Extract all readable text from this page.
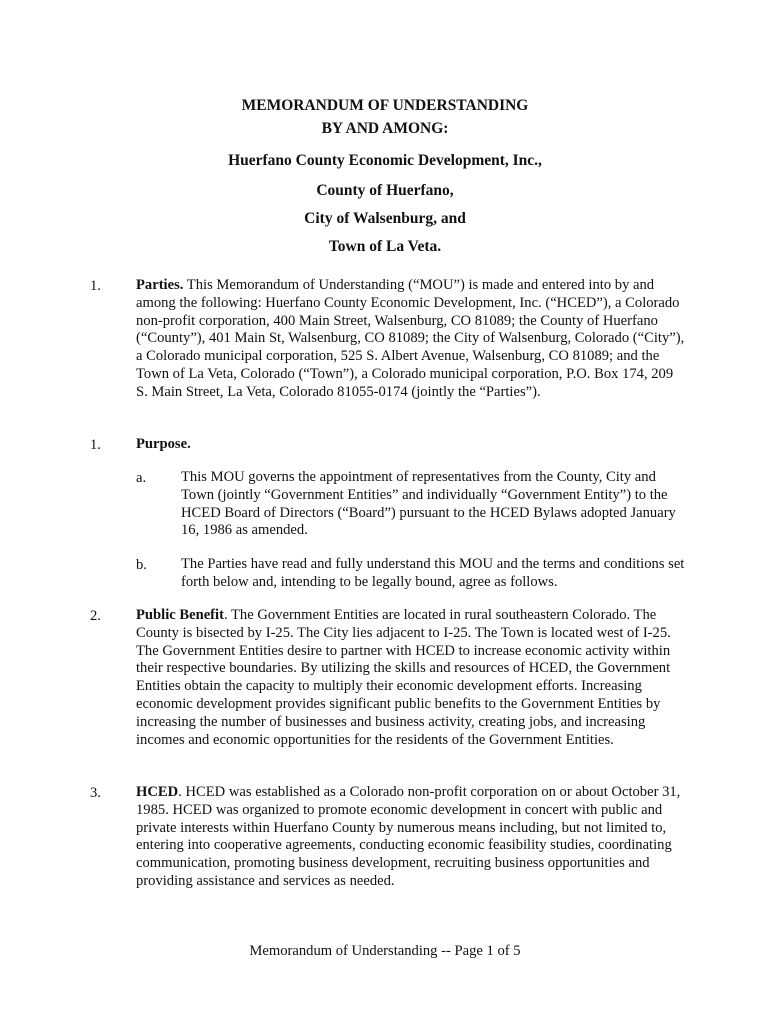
MEMORANDUM OF UNDERSTANDING
BY AND AMONG:
Huerfano County Economic Development, Inc.,
County of Huerfano,
City of Walsenburg, and
Town of La Veta.
1. Parties. This Memorandum of Understanding (“MOU”) is made and entered into by and among the following: Huerfano County Economic Development, Inc. (“HCED”), a Colorado non-profit corporation, 400 Main Street, Walsenburg, CO 81089; the County of Huerfano (“County”), 401 Main St, Walsenburg, CO 81089; the City of Walsenburg, Colorado (“City”), a Colorado municipal corporation, 525 S. Albert Avenue, Walsenburg, CO 81089; and the Town of La Veta, Colorado (“Town”), a Colorado municipal corporation, P.O. Box 174, 209 S. Main Street, La Veta, Colorado 81055-0174 (jointly the “Parties”).
1. Purpose.
a. This MOU governs the appointment of representatives from the County, City and Town (jointly “Government Entities” and individually “Government Entity”) to the HCED Board of Directors (“Board”) pursuant to the HCED Bylaws adopted January 16, 1986 as amended.
b. The Parties have read and fully understand this MOU and the terms and conditions set forth below and, intending to be legally bound, agree as follows.
2. Public Benefit. The Government Entities are located in rural southeastern Colorado. The County is bisected by I-25. The City lies adjacent to I-25. The Town is located west of I-25. The Government Entities desire to partner with HCED to increase economic activity within their respective boundaries. By utilizing the skills and resources of HCED, the Government Entities obtain the capacity to multiply their economic development efforts. Increasing economic development provides significant public benefits to the Government Entities by increasing the number of businesses and business activity, creating jobs, and increasing incomes and economic opportunities for the residents of the Government Entities.
3. HCED. HCED was established as a Colorado non-profit corporation on or about October 31, 1985. HCED was organized to promote economic development in concert with public and private interests within Huerfano County by numerous means including, but not limited to, entering into cooperative agreements, conducting economic feasibility studies, coordinating communication, promoting business development, recruiting business opportunities and providing assistance and services as needed.
Memorandum of Understanding -- Page 1 of 5
